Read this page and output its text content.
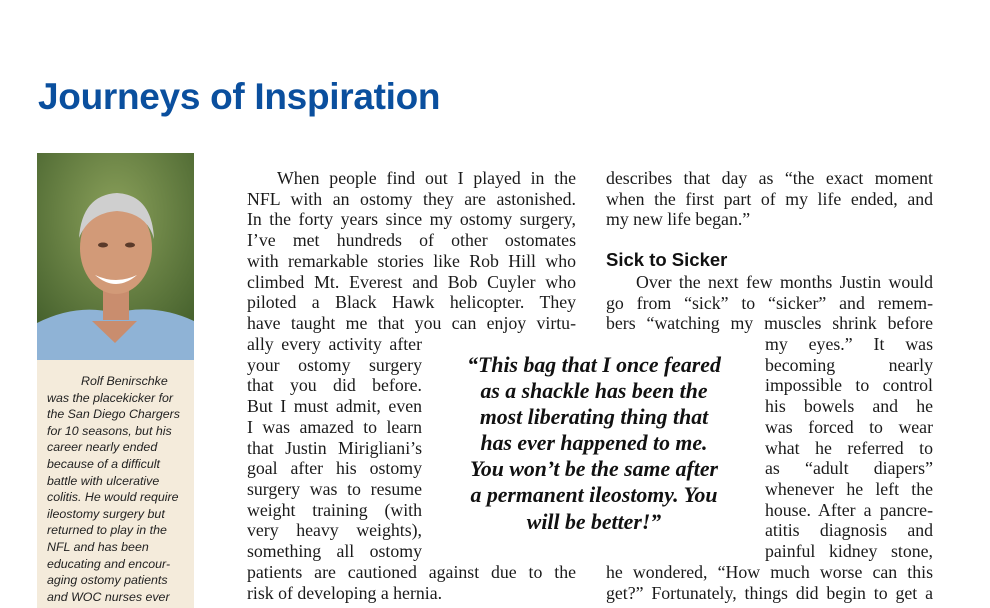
Journeys of Inspiration
Rolf Benirschke
was the placekicker for
the San Diego Chargers
for 10 seasons, but his
career nearly ended
because of a difficult
battle with ulcerative
colitis. He would require
ileostomy surgery but
returned to play in the
NFL and has been
educating and encour-
aging ostomy patients
and WOC nurses ever
When people find out I played in the
NFL with an ostomy they are astonished.
In the forty years since my ostomy surgery,
I’ve met hundreds of other ostomates
with remarkable stories like Rob Hill who
climbed Mt. Everest and Bob Cuyler who
piloted a Black Hawk helicopter. They
have taught me that you can enjoy virtu-
ally every activity after
your ostomy surgery
that you did before.
But I must admit, even
I was amazed to learn
that Justin Mirigliani’s
goal after his ostomy
surgery was to resume
weight training (with
very heavy weights),
something all ostomy
patients are cautioned against due to the
risk of developing a hernia.
describes that day as “the exact moment
when the first part of my life ended, and
my new life began.”
Sick to Sicker
Over the next few months Justin would
go from “sick” to “sicker” and remem-
bers “watching my muscles shrink before
my eyes.” It was
becoming nearly
impossible to control
his bowels and he
was forced to wear
what he referred to
as “adult diapers”
whenever he left the
house. After a pancre-
atitis diagnosis and
painful kidney stone,
he wondered, “How much worse can this
get?” Fortunately, things did begin to get a
“This bag that I once feared
as a shackle has been the
most liberating thing that
has ever happened to me.
You won’t be the same after
a permanent ileostomy. You
will be better!”
